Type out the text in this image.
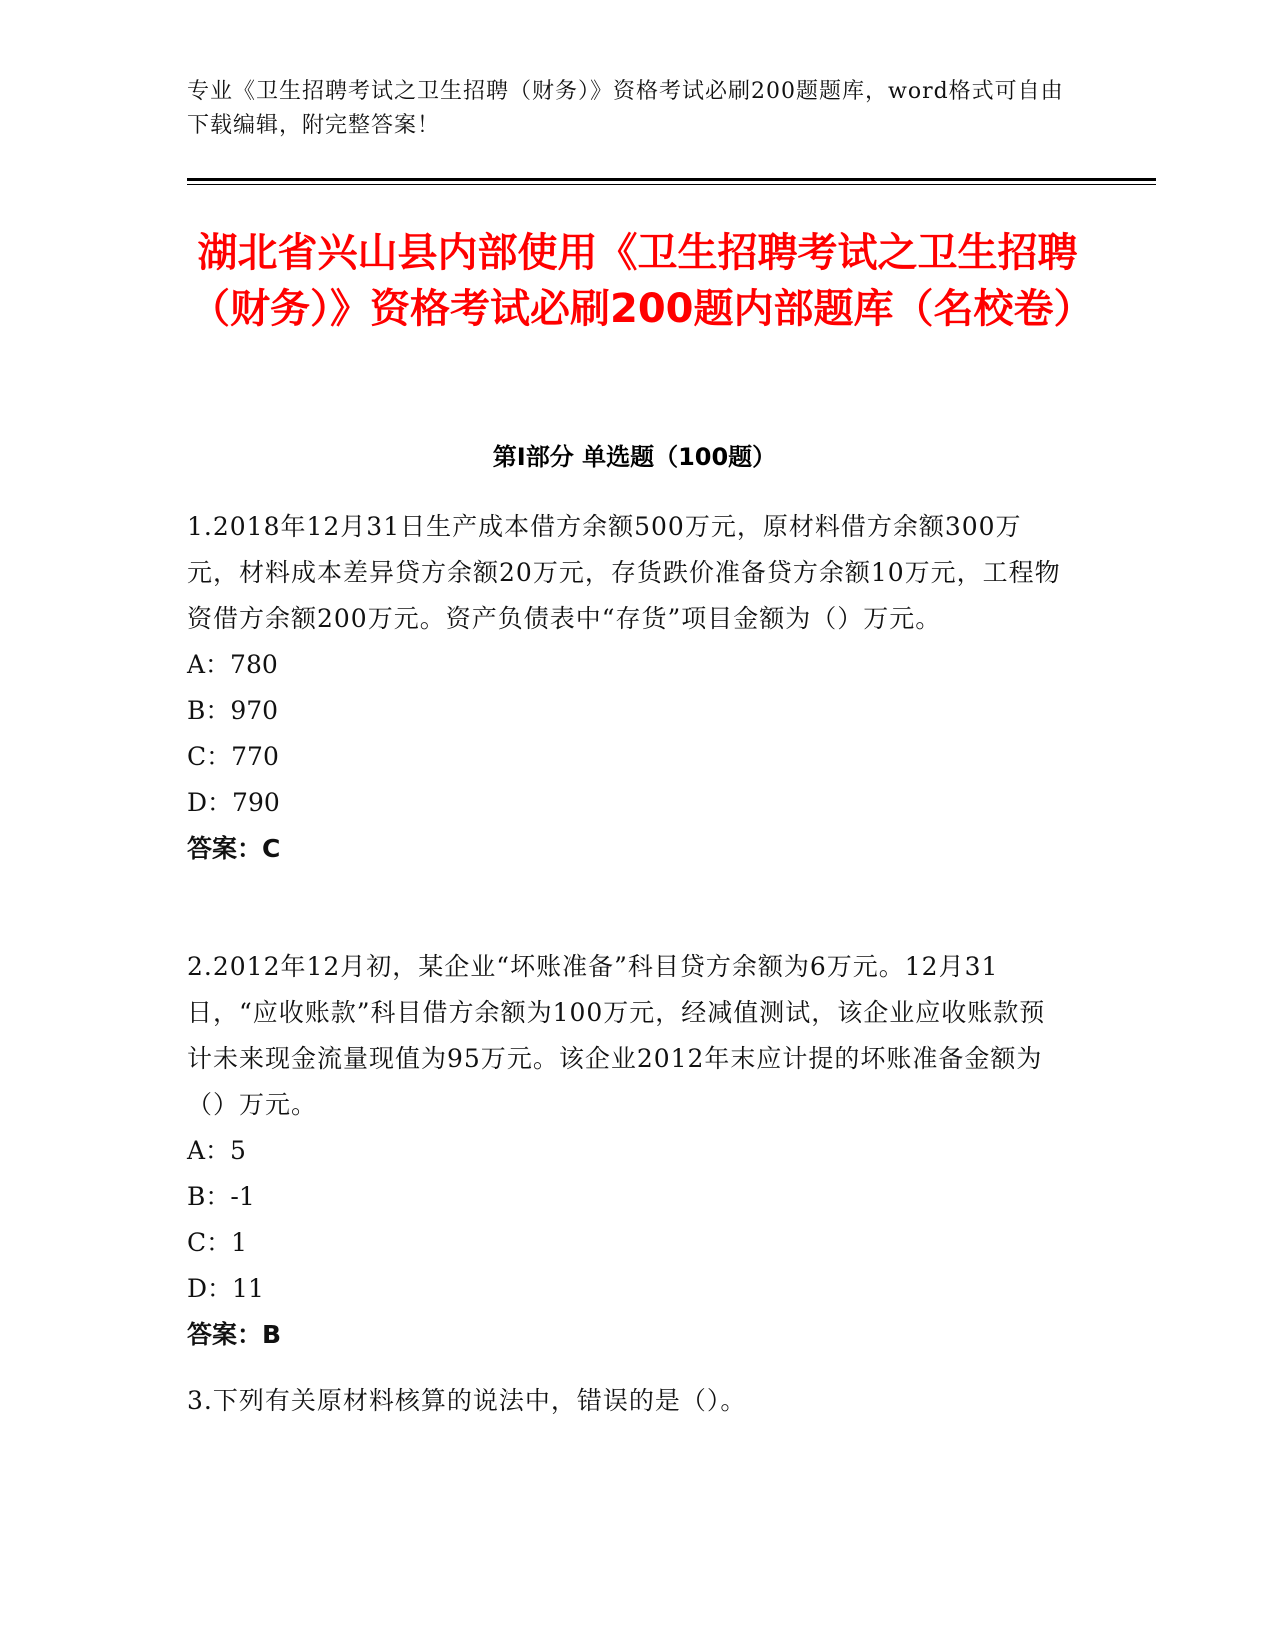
专业《卫生招聘考试之卫生招聘（财务）》资格考试必刷200题题库，word格式可自由下载编辑，附完整答案！
湖北省兴山县内部使用《卫生招聘考试之卫生招聘（财务）》资格考试必刷200题内部题库（名校卷）
第I部分 单选题（100题）
1.2018年12月31日生产成本借方余额500万元，原材料借方余额300万元，材料成本差异贷方余额20万元，存货跌价准备贷方余额10万元，工程物资借方余额200万元。资产负债表中“存货”项目金额为（）万元。
A：780
B：970
C：770
D：790
答案：C
2.2012年12月初，某企业“坏账准备”科目贷方余额为6万元。12月31日，“应收账款”科目借方余额为100万元，经减值测试，该企业应收账款预计未来现金流量现值为95万元。该企业2012年末应计提的坏账准备金额为（）万元。
A：5
B：-1
C：1
D：11
答案：B
3.下列有关原材料核算的说法中，错误的是（）。
